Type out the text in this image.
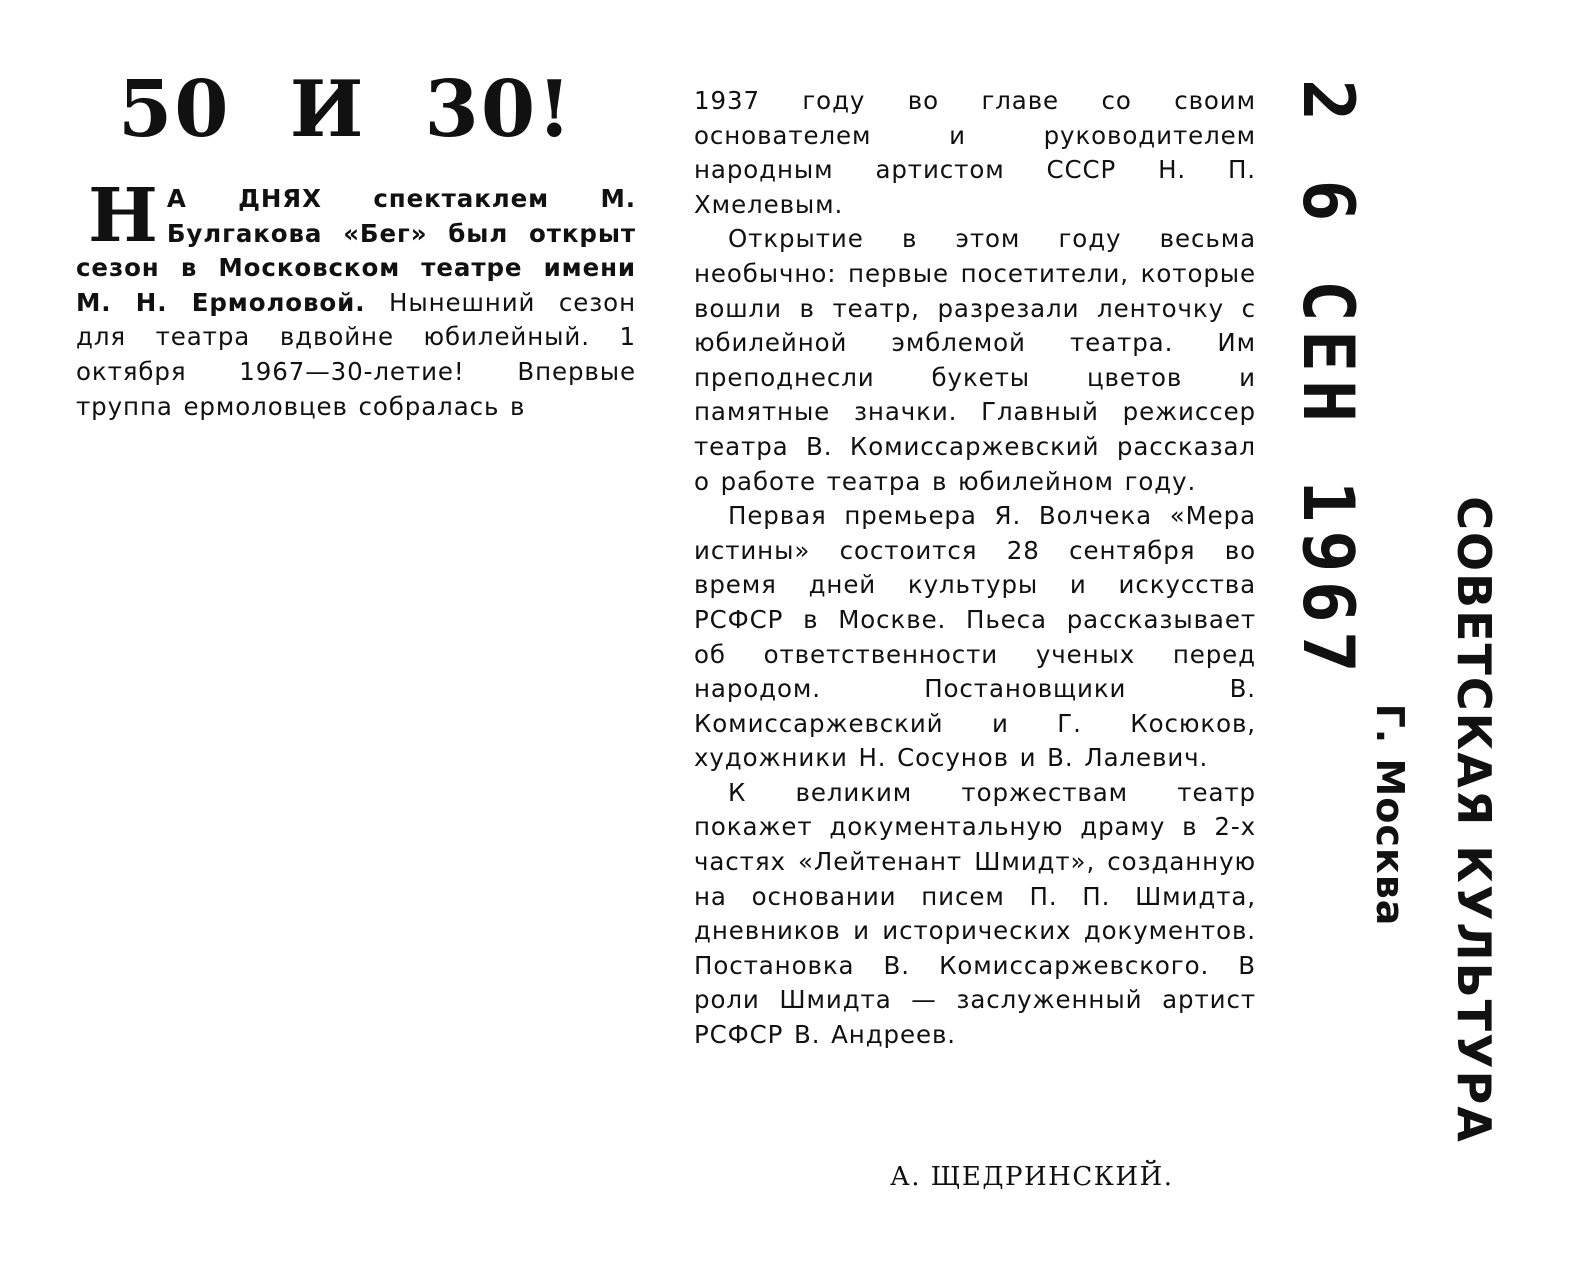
50 И 30!
Н А ДНЯХ спектаклем М. Булгакова «Бег» был открыт сезон в Московском театре имени М. Н. Ермоловой. Нынешний сезон для театра вдвойне юбилейный. 1 октября 1967—30-летие! Впервые труппа ермоловцев собралась в

1937 году во главе со своим основателем и руководителем народным артистом СССР Н. П. Хмелевым.

Открытие в этом году весьма необычно: первые посетители, которые вошли в театр, разрезали ленточку с юбилейной эмблемой театра. Им преподнесли букеты цветов и памятные значки. Главный режиссер театра В. Комиссаржевский рассказал о работе театра в юбилейном году.

Первая премьера Я. Волчека «Мера истины» состоится 28 сентября во время дней культуры и искусства РСФСР в Москве. Пьеса рассказывает об ответственности ученых перед народом. Постановщики В. Комиссаржевский и Г. Косюков, художники Н. Сосунов и В. Лалевич.

К великим торжествам театр покажет документальную драму в 2-х частях «Лейтенант Шмидт», созданную на основании писем П. П. Шмидта, дневников и исторических документов. Постановка В. Комиссаржевского. В роли Шмидта — заслуженный артист РСФСР В. Андреев.

А. ЩЕДРИНСКИЙ.
2 6 СЕН 1967
СОВЕТСКАЯ КУЛЬТУРА
Г. Москва
